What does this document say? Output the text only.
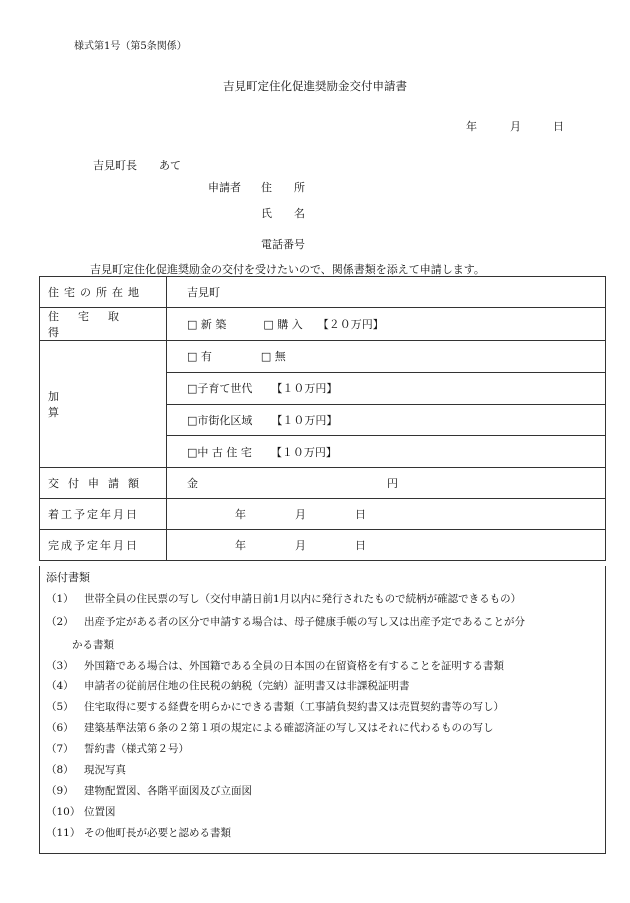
様式第1号（第5条関係）
吉見町定住化促進奨励金交付申請書
年	月	日
吉見町長　　あて
申請者 住　　所
氏　　名
電話番号
吉見町定住化促進奨励金の交付を受けたいので、関係書類を添えて申請します。
住宅の所在地	吉見町
住宅取得	□ 新 築 □ 購 入 【２０万円】

加算	□ 有 □ 無
	□子育て世代 【１０万円】
	□市街化区域 【１０万円】
	□中 古 住 宅 【１０万円】
交付申請額	金 円
着工予定年月日	年 月 日
完成予定年月日	年 月 日
添付書類
（1） 世帯全員の住民票の写し（交付申請日前1月以内に発行されたもので続柄が確認できるもの）
（2） 出産予定がある者の区分で申請する場合は、母子健康手帳の写し又は出産予定であることが分
かる書類
（3） 外国籍である場合は、外国籍である全員の日本国の在留資格を有することを証明する書類
（4） 申請者の従前居住地の住民税の納税（完納）証明書又は非課税証明書
（5） 住宅取得に要する経費を明らかにできる書類（工事請負契約書又は売買契約書等の写し）
（6） 建築基準法第６条の２第１項の規定による確認済証の写し又はそれに代わるものの写し
（7） 誓約書（様式第２号）
（8） 現況写真
（9） 建物配置図、各階平面図及び立面図
（10） 位置図
（11） その他町長が必要と認める書類
